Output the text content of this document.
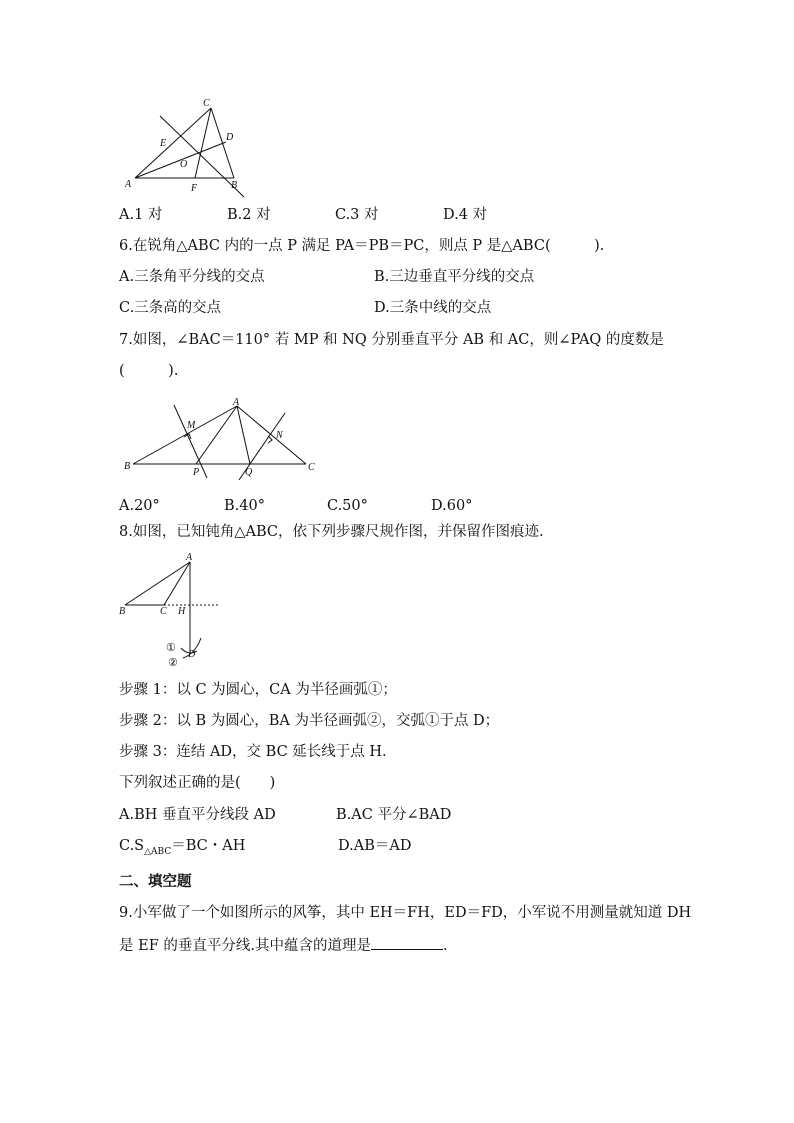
C
D
E
O
A	F	B
A.1 对	B.2 对	C.3 对	D.4 对
6.在锐角△ABC 内的一点 P 满足 PA＝PB＝PC，则点 P 是△ABC(　　　).
A.三条角平分线的交点	B.三边垂直平分线的交点
C.三条高的交点	D.三条中线的交点
7.如图，∠BAC＝110° 若 MP 和 NQ 分别垂直平分 AB 和 AC，则∠PAQ 的度数是
(　　　).
A
M
N
B
P	Q	C
A.20°	B.40°	C.50°	D.60°
8.如图，已知钝角△ABC，依下列步骤尺规作图，并保留作图痕迹.
A
B	C H
D
①
②
步骤 1：以 C 为圆心，CA 为半径画弧①；
步骤 2：以 B 为圆心，BA 为半径画弧②，交弧①于点 D；
步骤 3：连结 AD，交 BC 延长线于点 H.
下列叙述正确的是(　　)
A.BH 垂直平分线段 AD	B.AC 平分∠BAD
$C.S_{\triangle ABC}=BC$・AH	D.AB＝AD
二、填空题
9.小军做了一个如图所示的风筝，其中 EH＝FH，ED＝FD，小军说不用测量就知道 DH
是 EF 的垂直平分线.其中蕴含的道理是	.
